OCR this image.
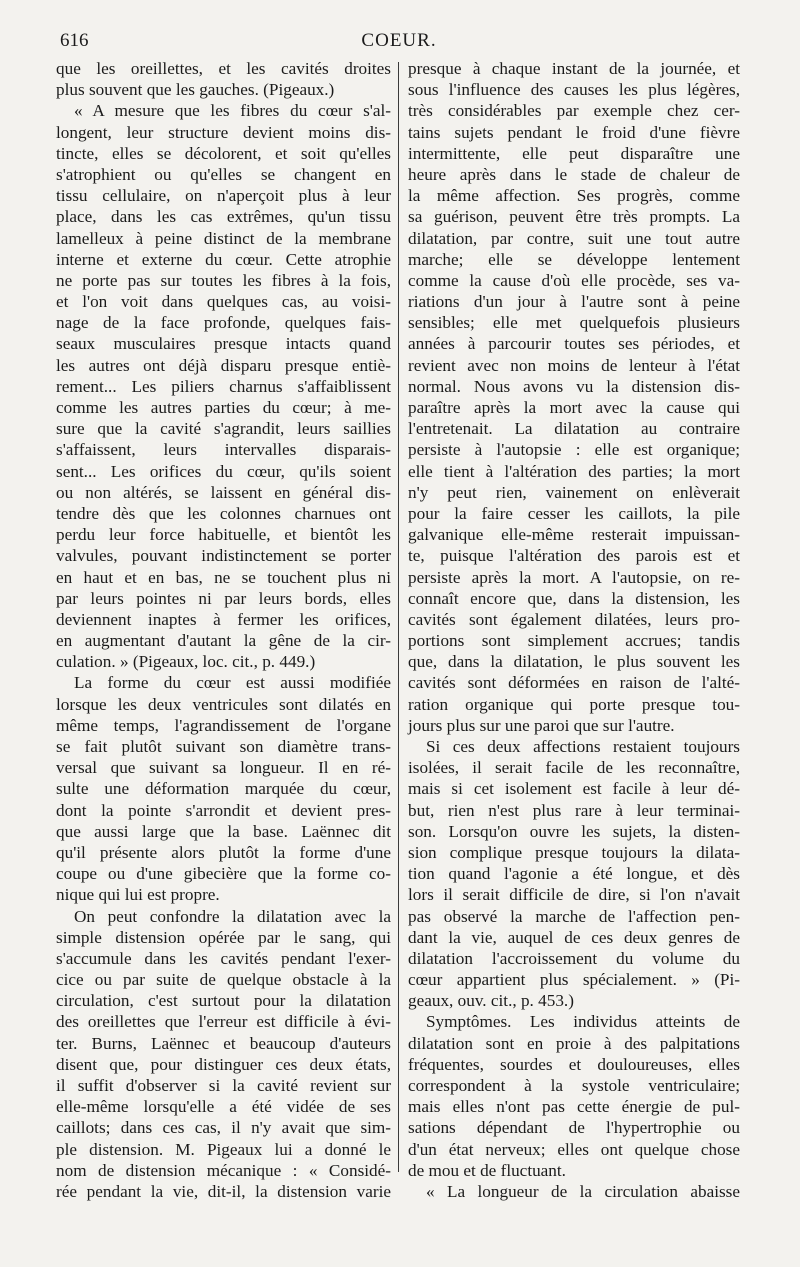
616	COEUR.
que les oreillettes, et les cavités droites
plus souvent que les gauches. (Pigeaux.)
« A mesure que les fibres du cœur s'al-
longent, leur structure devient moins dis-
tincte, elles se décolorent, et soit qu'elles
s'atrophient ou qu'elles se changent en
tissu cellulaire, on n'aperçoit plus à leur
place, dans les cas extrêmes, qu'un tissu
lamelleux à peine distinct de la membrane
interne et externe du cœur. Cette atrophie
ne porte pas sur toutes les fibres à la fois,
et l'on voit dans quelques cas, au voisi-
nage de la face profonde, quelques fais-
seaux musculaires presque intacts quand
les autres ont déjà disparu presque entiè-
rement... Les piliers charnus s'affaiblissent
comme les autres parties du cœur; à me-
sure que la cavité s'agrandit, leurs saillies
s'affaissent, leurs intervalles disparais-
sent... Les orifices du cœur, qu'ils soient
ou non altérés, se laissent en général dis-
tendre dès que les colonnes charnues ont
perdu leur force habituelle, et bientôt les
valvules, pouvant indistinctement se porter
en haut et en bas, ne se touchent plus ni
par leurs pointes ni par leurs bords, elles
deviennent inaptes à fermer les orifices,
en augmentant d'autant la gêne de la cir-
culation. » (Pigeaux, loc. cit., p. 449.)
La forme du cœur est aussi modifiée
lorsque les deux ventricules sont dilatés en
même temps, l'agrandissement de l'organe
se fait plutôt suivant son diamètre trans-
versal que suivant sa longueur. Il en ré-
sulte une déformation marquée du cœur,
dont la pointe s'arrondit et devient pres-
que aussi large que la base. Laënnec dit
qu'il présente alors plutôt la forme d'une
coupe ou d'une gibecière que la forme co-
nique qui lui est propre.
On peut confondre la dilatation avec la
simple distension opérée par le sang, qui
s'accumule dans les cavités pendant l'exer-
cice ou par suite de quelque obstacle à la
circulation, c'est surtout pour la dilatation
des oreillettes que l'erreur est difficile à évi-
ter. Burns, Laënnec et beaucoup d'auteurs
disent que, pour distinguer ces deux états,
il suffit d'observer si la cavité revient sur
elle-même lorsqu'elle a été vidée de ses
caillots; dans ces cas, il n'y avait que sim-
ple distension. M. Pigeaux lui a donné le
nom de distension mécanique : « Considé-
rée pendant la vie, dit-il, la distension varie
presque à chaque instant de la journée, et
sous l'influence des causes les plus légères,
très considérables par exemple chez cer-
tains sujets pendant le froid d'une fièvre
intermittente, elle peut disparaître une
heure après dans le stade de chaleur de
la même affection. Ses progrès, comme
sa guérison, peuvent être très prompts. La
dilatation, par contre, suit une tout autre
marche; elle se développe lentement
comme la cause d'où elle procède, ses va-
riations d'un jour à l'autre sont à peine
sensibles; elle met quelquefois plusieurs
années à parcourir toutes ses périodes, et
revient avec non moins de lenteur à l'état
normal. Nous avons vu la distension dis-
paraître après la mort avec la cause qui
l'entretenait. La dilatation au contraire
persiste à l'autopsie : elle est organique;
elle tient à l'altération des parties; la mort
n'y peut rien, vainement on enlèverait
pour la faire cesser les caillots, la pile
galvanique elle-même resterait impuissan-
te, puisque l'altération des parois est et
persiste après la mort. A l'autopsie, on re-
connaît encore que, dans la distension, les
cavités sont également dilatées, leurs pro-
portions sont simplement accrues; tandis
que, dans la dilatation, le plus souvent les
cavités sont déformées en raison de l'alté-
ration organique qui porte presque tou-
jours plus sur une paroi que sur l'autre.
Si ces deux affections restaient toujours
isolées, il serait facile de les reconnaître,
mais si cet isolement est facile à leur dé-
but, rien n'est plus rare à leur terminai-
son. Lorsqu'on ouvre les sujets, la disten-
sion complique presque toujours la dilata-
tion quand l'agonie a été longue, et dès
lors il serait difficile de dire, si l'on n'avait
pas observé la marche de l'affection pen-
dant la vie, auquel de ces deux genres de
dilatation l'accroissement du volume du
cœur appartient plus spécialement. » (Pi-
geaux, ouv. cit., p. 453.)
Symptômes. Les individus atteints de
dilatation sont en proie à des palpitations
fréquentes, sourdes et douloureuses, elles
correspondent à la systole ventriculaire;
mais elles n'ont pas cette énergie de pul-
sations dépendant de l'hypertrophie ou
d'un état nerveux; elles ont quelque chose
de mou et de fluctuant.
« La longueur de la circulation abaisse
